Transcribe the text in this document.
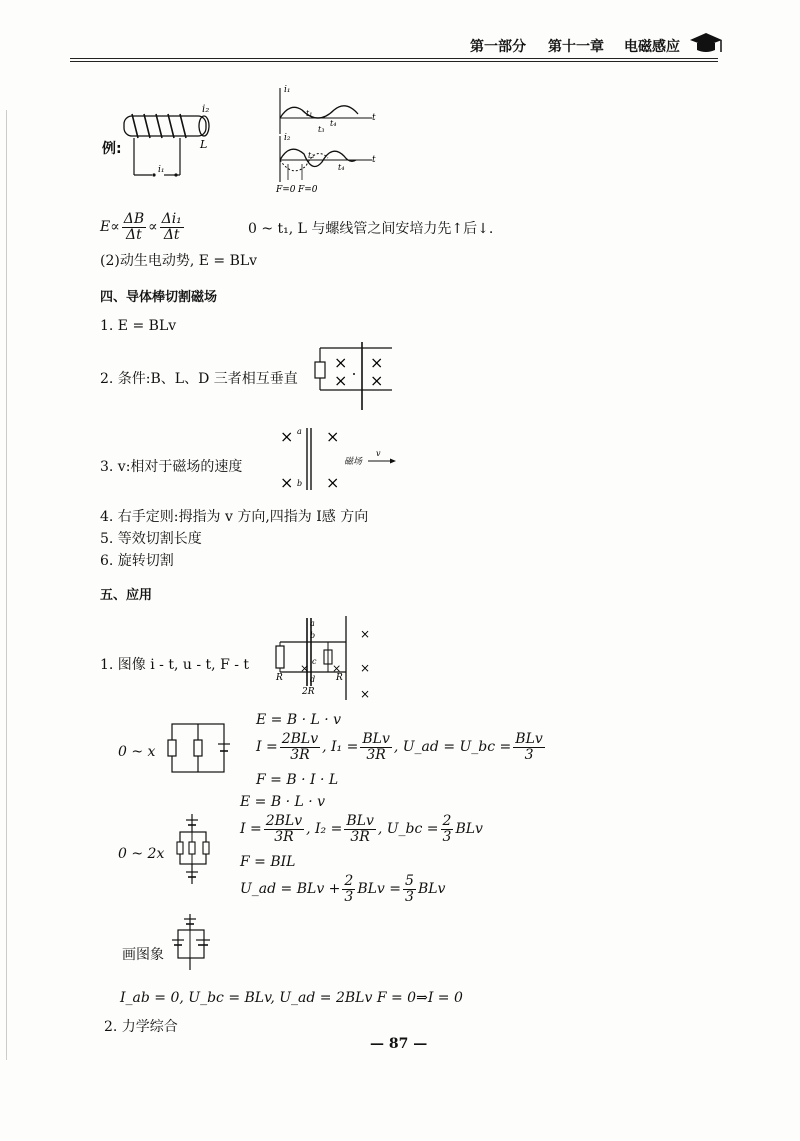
第一部分 第十一章 电磁感应
例:
i₂
L
i₁
i₁
t
t₁
t₃
t₄
i₂
t
t₂
t₄
F=0 F=0
$E\propto \frac{\Delta B}{\Delta t} \propto \frac{\text{Δi₁}}{\Delta t}$	0 ~ t₁, L 与螺线管之间安培力先↑后↓.
(2)动生电动势, E = BLv
四、导体棒切割磁场
1. E = BLv
2. 条件:B、L、D 三者相互垂直
×
×
×
×
3. v:相对于磁场的速度
×
×
×
×
a
b
磁场
v
4. 右手定则:拇指为 v 方向,四指为 I感 方向
5. 等效切割长度
6. 旋转切割
五、应用
1. 图像 i - t, u - t, F - t	× ×
a
b
c
d
R	R
2R
×
×
×
0 ~ x
E = B · L · v
$I = \frac{\text{2BLv}}{3R}$ , $I_1 = \frac{\text{BLv}}{3R}$ , U_ad = U_bc = $\frac{\text{BLv}}{3}$
F = B · I · L
E = B · L · v
0 ~ 2x
$I = \frac{\text{2BLv}}{3R}$ , $I_2 = \frac{\text{BLv}}{3R}$ , U_bc = $\frac{2}{3}$ BLv
F = BIL
U_ad = BLv + $\frac{2}{3}$ BLv = $\frac{5}{3}$ BLv
画图象
I_ab = 0, U_bc = BLv, U_ad = 2BLv F = 0⇒I = 0
2. 力学综合
— 87 —
